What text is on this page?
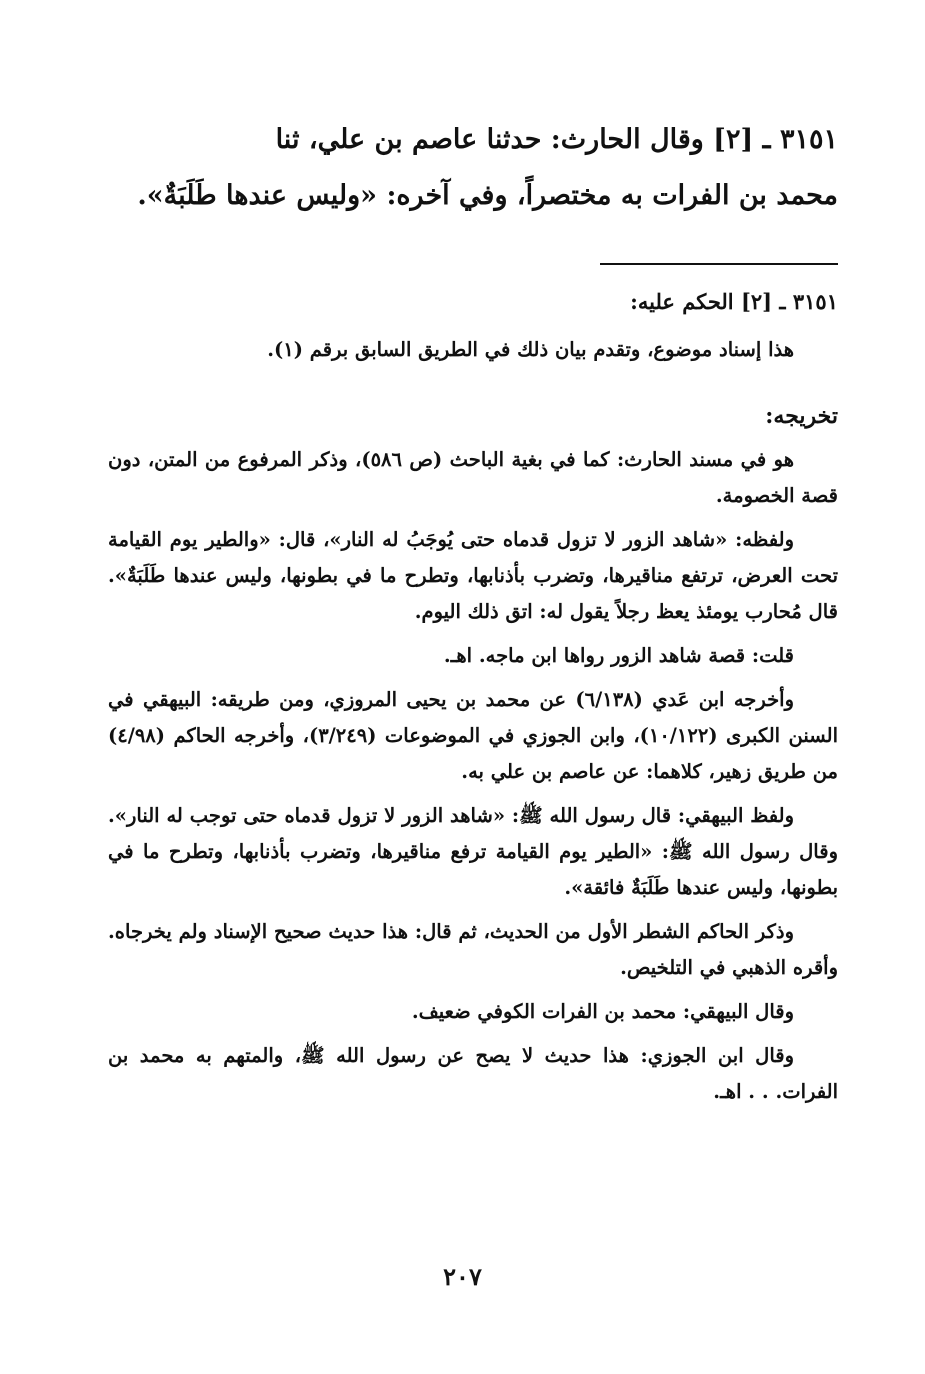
٣١٥١ ـ [٢] وقال الحارث: حدثنا عاصم بن علي، ثنا
محمد بن الفرات به مختصراً، وفي آخره: «وليس عندها طَلَبَةٌ».

٣١٥١ ـ [٢] الحكم عليه:

هذا إسناد موضوع، وتقدم بيان ذلك في الطريق السابق برقم (١).

تخريجه:

هو في مسند الحارث: كما في بغية الباحث (ص ٥٨٦)، وذكر المرفوع من المتن، دون قصة الخصومة.

ولفظه: «شاهد الزور لا تزول قدماه حتى يُوجَبُ له النار»، قال: «والطير يوم القيامة تحت العرض، ترتفع مناقيرها، وتضرب بأذنابها، وتطرح ما في بطونها، وليس عندها طَلَبَةٌ». قال مُحارب يومئذ يعظ رجلاً يقول له: اتق ذلك اليوم.

قلت: قصة شاهد الزور رواها ابن ماجه. اهـ.

وأخرجه ابن عَدي (٦/١٣٨) عن محمد بن يحيى المروزي، ومن طريقه: البيهقي في السنن الكبرى (١٠/١٢٢)، وابن الجوزي في الموضوعات (٣/٢٤٩)، وأخرجه الحاكم (٤/٩٨) من طريق زهير، كلاهما: عن عاصم بن علي به.

ولفظ البيهقي: قال رسول الله ﷺ: «شاهد الزور لا تزول قدماه حتى توجب له النار». وقال رسول الله ﷺ: «الطير يوم القيامة ترفع مناقيرها، وتضرب بأذنابها، وتطرح ما في بطونها، وليس عندها طَلَبَةٌ فائقة».

وذكر الحاكم الشطر الأول من الحديث، ثم قال: هذا حديث صحيح الإسناد ولم يخرجاه. وأقره الذهبي في التلخيص.

وقال البيهقي: محمد بن الفرات الكوفي ضعيف.

وقال ابن الجوزي: هذا حديث لا يصح عن رسول الله ﷺ، والمتهم به محمد بن الفرات. . . اهـ.

٢٠٧
